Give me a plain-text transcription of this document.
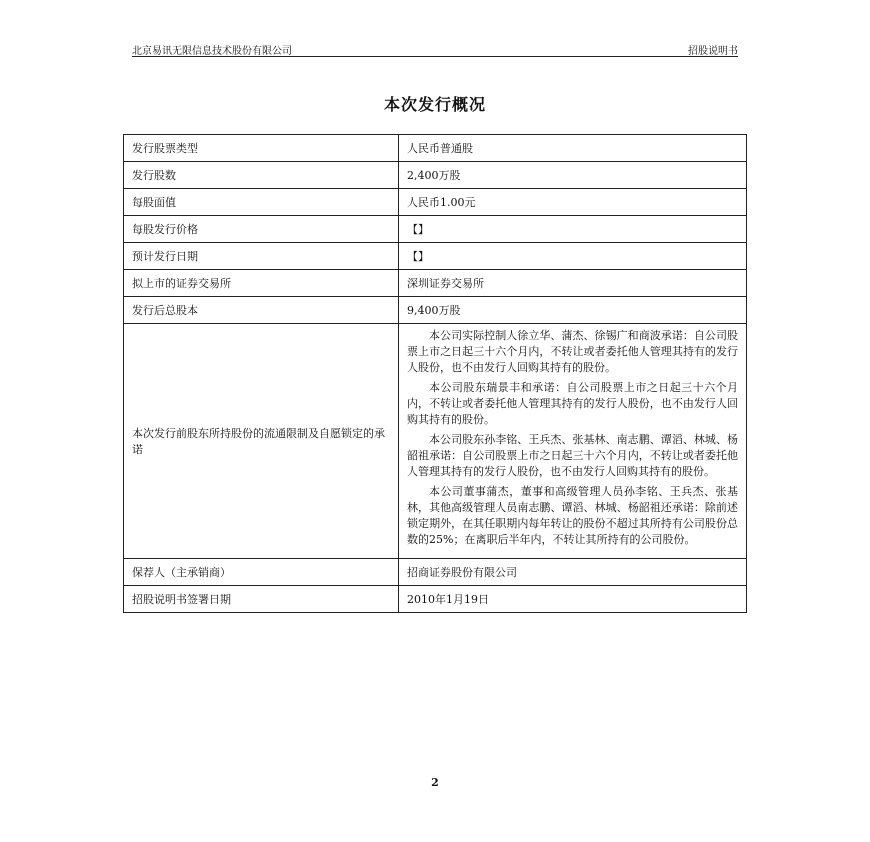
北京易讯无限信息技术股份有限公司	招股说明书
本次发行概况
发行股票类型	人民币普通股
发行股数	2,400万股
每股面值	人民币1.00元
每股发行价格	【】
预计发行日期	【】
拟上市的证券交易所	深圳证券交易所
发行后总股本	9,400万股
本次发行前股东所持股份的流通限制及自愿锁定的承诺	本公司实际控制人徐立华、蒲杰、徐锡广和商波承诺：自公司股票上市之日起三十六个月内，不转让或者委托他人管理其持有的发行人股份，也不由发行人回购其持有的股份。

本公司股东瑞景丰和承诺：自公司股票上市之日起三十六个月内，不转让或者委托他人管理其持有的发行人股份，也不由发行人回购其持有的股份。

本公司股东孙李铭、王兵杰、张基林、南志鹏、谭滔、林城、杨韶祖承诺：自公司股票上市之日起三十六个月内，不转让或者委托他人管理其持有的发行人股份，也不由发行人回购其持有的股份。

本公司董事蒲杰，董事和高级管理人员孙李铭、王兵杰、张基林，其他高级管理人员南志鹏、谭滔、林城、杨韶祖还承诺：除前述锁定期外，在其任职期内每年转让的股份不超过其所持有公司股份总数的25%；在离职后半年内，不转让其所持有的公司股份。

保荐人（主承销商）	招商证券股份有限公司
招股说明书签署日期	2010年1月19日
2
